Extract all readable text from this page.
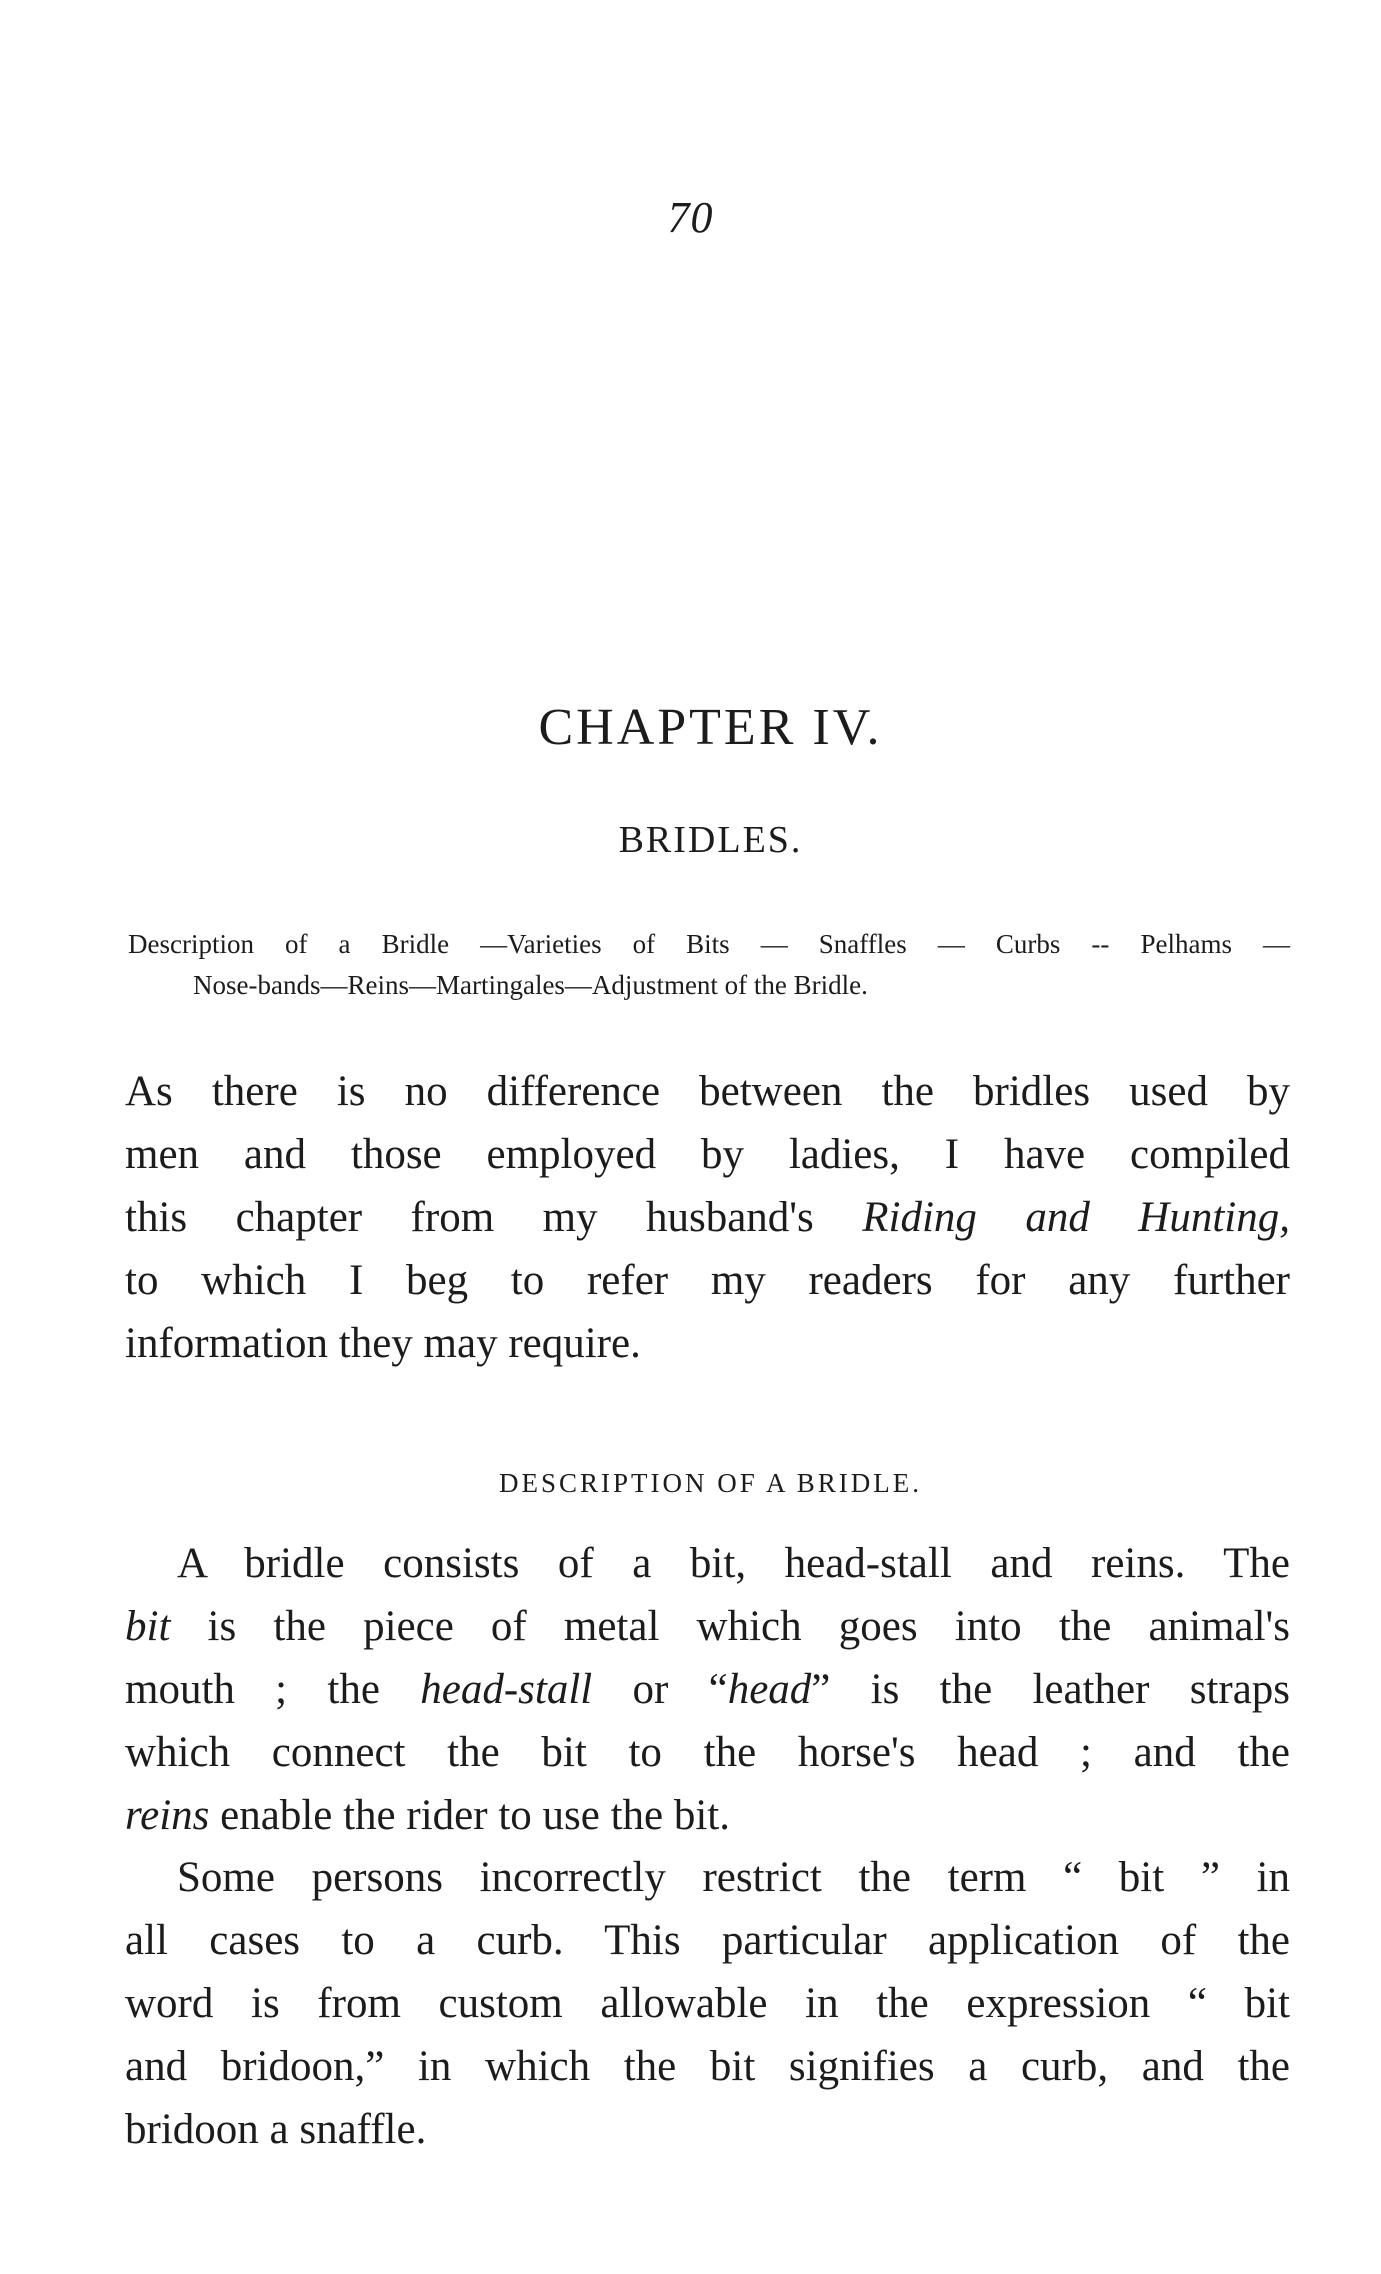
70
CHAPTER IV.
BRIDLES.
Description of a Bridle —Varieties of Bits — Snaffles — Curbs -- Pelhams —
Nose-bands—Reins—Martingales—Adjustment of the Bridle.
As there is no difference between the bridles used by
men and those employed by ladies, I have compiled
this chapter from my husband's Riding and Hunting,
to which I beg to refer my readers for any further
information they may require.
DESCRIPTION OF A BRIDLE.
A bridle consists of a bit, head-stall and reins. The
bit is the piece of metal which goes into the animal's
mouth ; the head-stall or “head” is the leather straps
which connect the bit to the horse's head ; and the
reins enable the rider to use the bit.
Some persons incorrectly restrict the term “ bit ” in
all cases to a curb. This particular application of the
word is from custom allowable in the expression “ bit
and bridoon,” in which the bit signifies a curb, and the
bridoon a snaffle.
